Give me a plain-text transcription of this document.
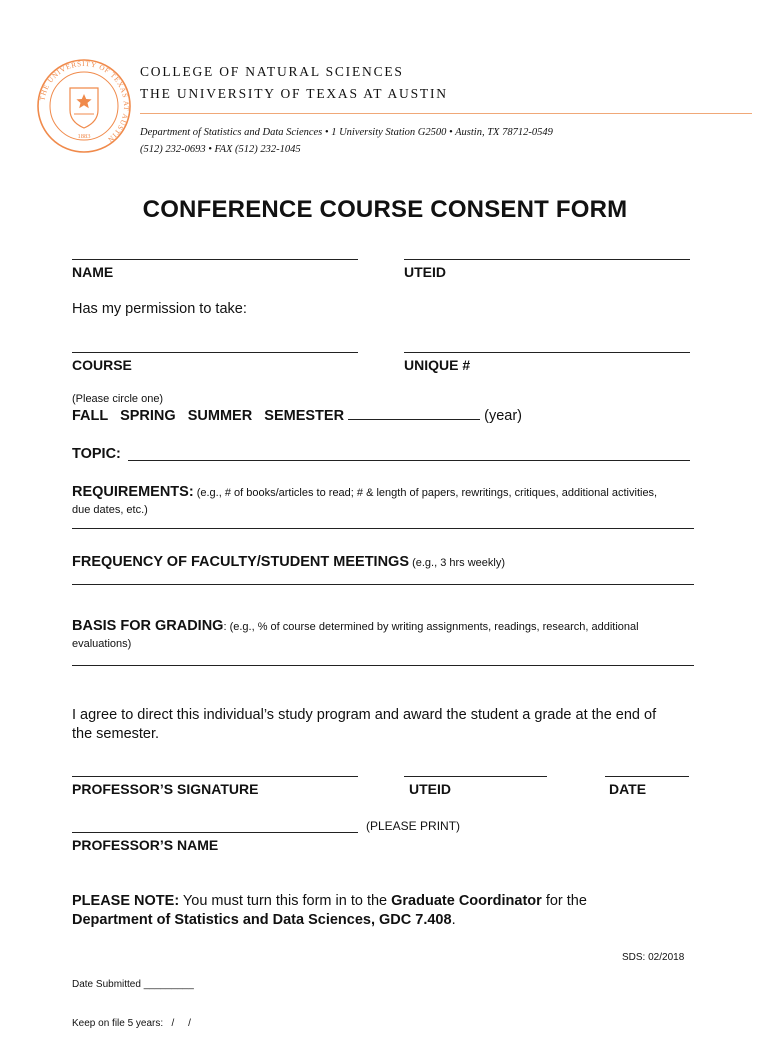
THE UNIVERSITY OF TEXAS AT AUSTIN
1883
COLLEGE OF NATURAL SCIENCES
THE UNIVERSITY OF TEXAS AT AUSTIN
Department of Statistics and Data Sciences • 1 University Station G2500 • Austin, TX 78712-0549
(512) 232-0693 • FAX (512) 232-1045
CONFERENCE COURSE CONSENT FORM
NAME	UTEID
Has my permission to take:
COURSE	UNIQUE #
(Please circle one)
FALL   SPRING   SUMMER   SEMESTER	(year)
TOPIC:
REQUIREMENTS: (e.g., # of books/articles to read; # & length of papers, rewritings, critiques, additional activities,
due dates, etc.)
FREQUENCY OF FACULTY/STUDENT MEETINGS (e.g., 3 hrs weekly)
BASIS FOR GRADING: (e.g., % of course determined by writing assignments, readings, research, additional
evaluations)
I agree to direct this individual’s study program and award the student a grade at the end of
the semester.
PROFESSOR’S SIGNATURE	UTEID	DATE
(PLEASE PRINT)
PROFESSOR’S NAME
PLEASE NOTE: You must turn this form in to the Graduate Coordinator for the
Department of Statistics and Data Sciences, GDC 7.408.

Date Submitted _________

Keep on file 5 years:   /     /

SDS: 02/2018
